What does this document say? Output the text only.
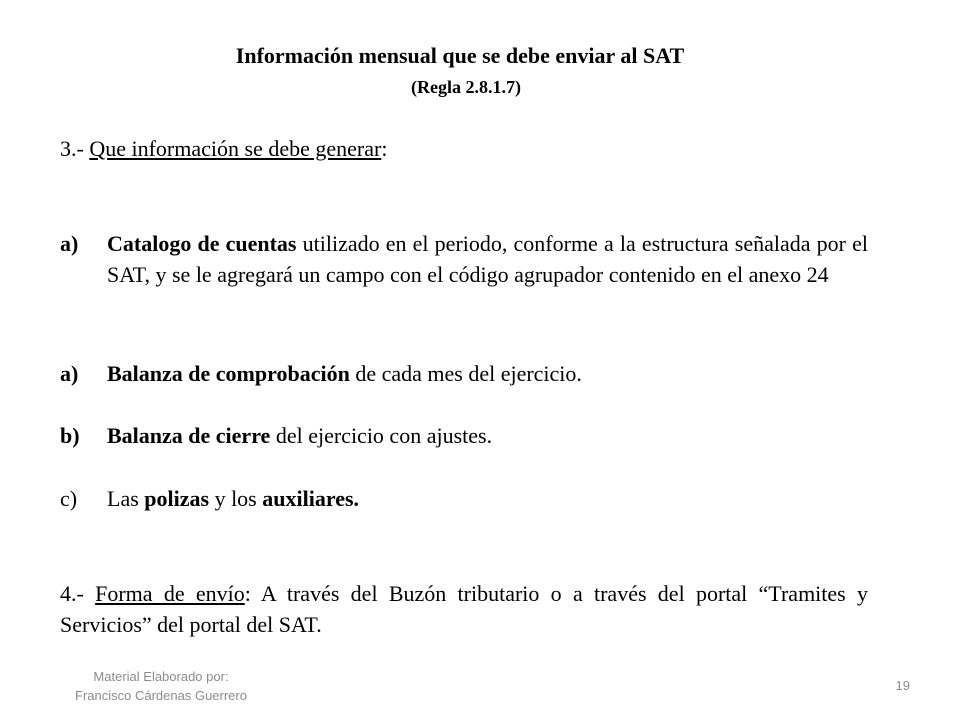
Información mensual que se debe enviar al SAT
(Regla 2.8.1.7)
3.- Que información se debe generar:
a)	Catalogo de cuentas utilizado en el periodo, conforme a la estructura señalada por el SAT, y se le agregará un campo con el código agrupador contenido en el anexo 24
a)	Balanza de comprobación de cada mes del ejercicio.
b)	Balanza de cierre del ejercicio con ajustes.
c)	Las polizas y los auxiliares.
4.- Forma de envío: A través del Buzón tributario o a través del portal “Tramites y Servicios” del portal del SAT.
Material Elaborado por:
Francisco Cárdenas Guerrero
19
